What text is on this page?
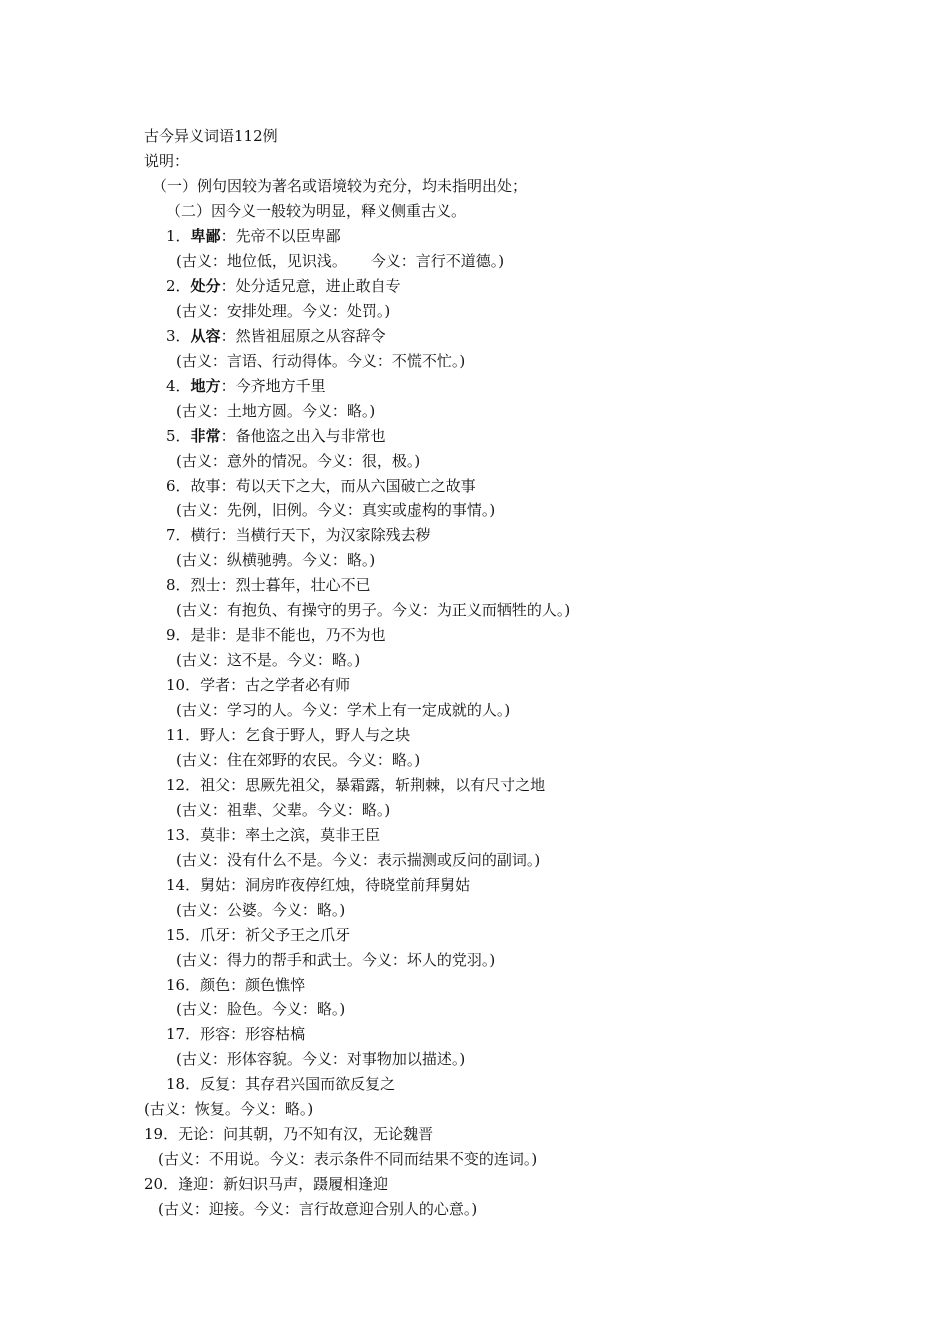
古今异义词语112例
说明：
（一）例句因较为著名或语境较为充分，均未指明出处；
（二）因今义一般较为明显，释义侧重古义。
1．卑鄙：先帝不以臣卑鄙
(古义：地位低，见识浅。     今义：言行不道德。)
2．处分：处分适兄意，进止敢自专
(古义：安排处理。今义：处罚。)
3．从容：然皆祖屈原之从容辞令
(古义：言语、行动得体。今义：不慌不忙。)
4．地方：今齐地方千里
(古义：土地方圆。今义：略。)
5．非常：备他盗之出入与非常也
(古义：意外的情况。今义：很，极。)
6．故事：苟以天下之大，而从六国破亡之故事
(古义：先例，旧例。今义：真实或虚构的事情。)
7．横行：当横行天下，为汉家除残去秽
(古义：纵横驰骋。今义：略。)
8．烈士：烈士暮年，壮心不已
(古义：有抱负、有操守的男子。今义：为正义而牺牲的人。)
9．是非：是非不能也，乃不为也
(古义：这不是。今义：略。)
10．学者：古之学者必有师
(古义：学习的人。今义：学术上有一定成就的人。)
11．野人：乞食于野人，野人与之块
(古义：住在郊野的农民。今义：略。)
12．祖父：思厥先祖父，暴霜露，斩荆棘，以有尺寸之地
(古义：祖辈、父辈。今义：略。)
13．莫非：率土之滨，莫非王臣
(古义：没有什么不是。今义：表示揣测或反问的副词。)
14．舅姑：洞房昨夜停红烛，待晓堂前拜舅姑
(古义：公婆。今义：略。)
15．爪牙：祈父予王之爪牙
(古义：得力的帮手和武士。今义：坏人的党羽。)
16．颜色：颜色憔悴
(古义：脸色。今义：略。)
17．形容：形容枯槁
(古义：形体容貌。今义：对事物加以描述。)
18．反复：其存君兴国而欲反复之
(古义：恢复。今义：略。)
19．无论：问其朝，乃不知有汉，无论魏晋
(古义：不用说。今义：表示条件不同而结果不变的连词。)
20．逢迎：新妇识马声，蹑履相逢迎
(古义：迎接。今义：言行故意迎合别人的心意。)
